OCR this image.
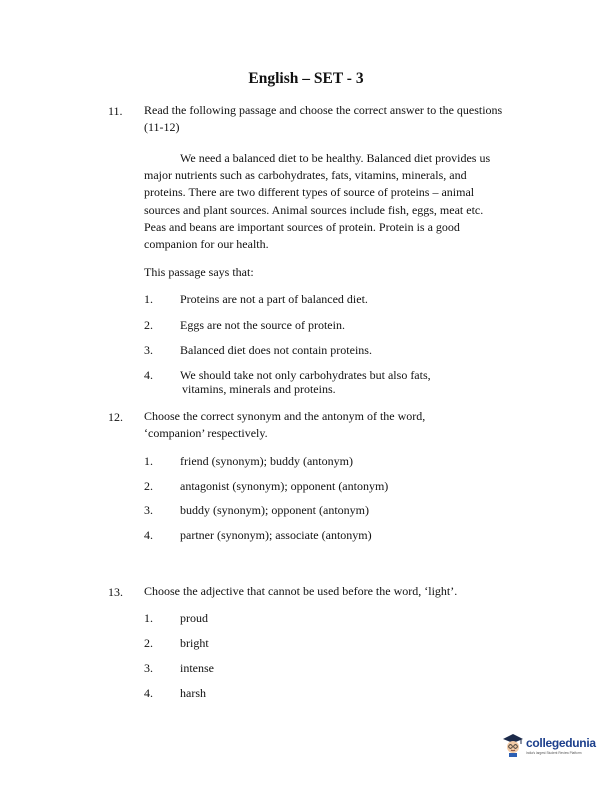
English – SET - 3
11. Read the following passage and choose the correct answer to the questions (11-12)
We need a balanced diet to be healthy. Balanced diet provides us major nutrients such as carbohydrates, fats, vitamins, minerals, and proteins. There are two different types of source of proteins – animal sources and plant sources. Animal sources include fish, eggs, meat etc. Peas and beans are important sources of protein. Protein is a good companion for our health.
This passage says that:
1. Proteins are not a part of balanced diet.
2. Eggs are not the source of protein.
3. Balanced diet does not contain proteins.
4. We should take not only carbohydrates but also fats,
vitamins, minerals and proteins.
12. Choose the correct synonym and the antonym of the word, ‘companion’ respectively.
1. friend (synonym); buddy (antonym)
2. antagonist (synonym); opponent (antonym)
3. buddy (synonym); opponent (antonym)
4. partner (synonym); associate (antonym)
13. Choose the adjective that cannot be used before the word, ‘light’.
1. proud
2. bright
3. intense
4. harsh
collegedunia
India's largest Student Review Platform
